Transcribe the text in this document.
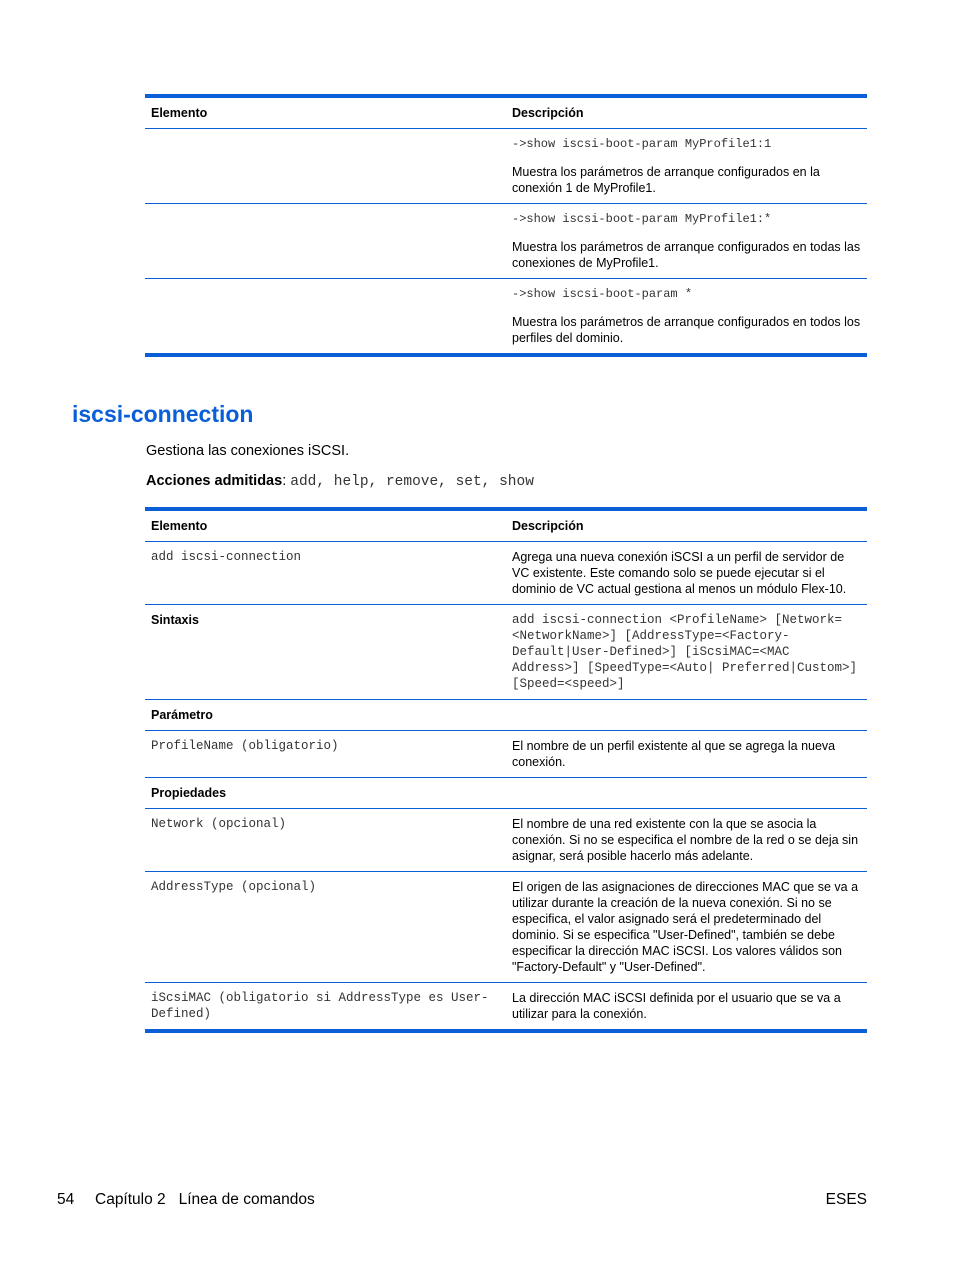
Elemento	Descripción

	->show iscsi-boot-param MyProfile1:1
Muestra los parámetros de arranque configurados en la conexión 1 de MyProfile1.

	->show iscsi-boot-param MyProfile1:*
Muestra los parámetros de arranque configurados en todas las conexiones de MyProfile1.

	->show iscsi-boot-param *
Muestra los parámetros de arranque configurados en todos los perfiles del dominio.
iscsi-connection

Gestiona las conexiones iSCSI.

Acciones admitidas: add, help, remove, set, show

Elemento	Descripción
add iscsi-connection	Agrega una nueva conexión iSCSI a un perfil de servidor de VC existente. Este comando solo se puede ejecutar si el dominio de VC actual gestiona al menos un módulo Flex-10.
Sintaxis	add iscsi-connection <ProfileName> [Network=<NetworkName>] [AddressType=<Factory-Default|User-Defined>] [iScsiMAC=<MAC Address>] [SpeedType=<Auto| Preferred|Custom>] [Speed=<speed>]
Parámetro	
ProfileName (obligatorio)	El nombre de un perfil existente al que se agrega la nueva conexión.
Propiedades	
Network (opcional)	El nombre de una red existente con la que se asocia la conexión. Si no se especifica el nombre de la red o se deja sin asignar, será posible hacerlo más adelante.
AddressType (opcional)	El origen de las asignaciones de direcciones MAC que se va a utilizar durante la creación de la nueva conexión. Si no se especifica, el valor asignado será el predeterminado del dominio. Si se especifica "User-Defined", también se debe especificar la dirección MAC iSCSI. Los valores válidos son "Factory-Default" y "User-Defined".
iScsiMAC (obligatorio si AddressType es User-Defined)	La dirección MAC iSCSI definida por el usuario que se va a utilizar para la conexión.
54 Capítulo 2   Línea de comandos	ESES
